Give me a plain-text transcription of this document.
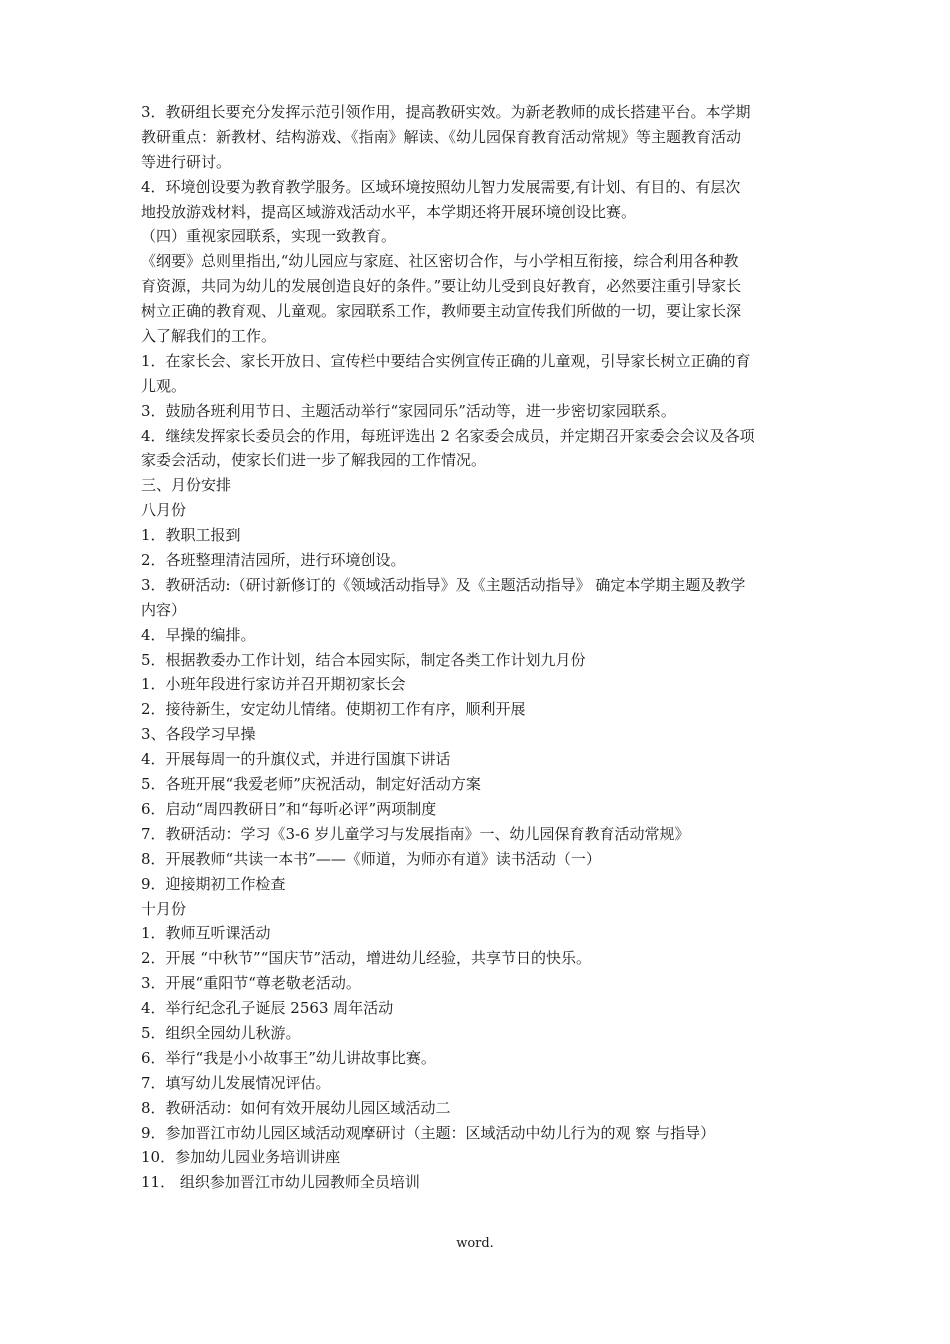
3．教研组长要充分发挥示范引领作用，提高教研实效。为新老教师的成长搭建平台。本学期
教研重点：新教材、结构游戏、《指南》解读、《幼儿园保育教育活动常规》等主题教育活动
等进行研讨。
4．环境创设要为教育教学服务。区域环境按照幼儿智力发展需要,有计划、有目的、有层次
地投放游戏材料，提高区域游戏活动水平，本学期还将开展环境创设比赛。
（四）重视家园联系，实现一致教育。
《纲要》总则里指出,“幼儿园应与家庭、社区密切合作，与小学相互衔接，综合利用各种教
育资源，共同为幼儿的发展创造良好的条件。”要让幼儿受到良好教育，必然要注重引导家长
树立正确的教育观、儿童观。家园联系工作，教师要主动宣传我们所做的一切，要让家长深
入了解我们的工作。
1．在家长会、家长开放日、宣传栏中要结合实例宣传正确的儿童观，引导家长树立正确的育
儿观。
3．鼓励各班利用节日、主题活动举行“家园同乐”活动等，进一步密切家园联系。
4．继续发挥家长委员会的作用，每班评选出 2 名家委会成员，并定期召开家委会会议及各项
家委会活动，使家长们进一步了解我园的工作情况。
三、月份安排
八月份
1．教职工报到
2．各班整理清洁园所，进行环境创设。
3．教研活动:（研讨新修订的《领域活动指导》及《主题活动指导》 确定本学期主题及教学
内容）
4．早操的编排。
5．根据教委办工作计划，结合本园实际，制定各类工作计划九月份
1．小班年段进行家访并召开期初家长会
2．接待新生，安定幼儿情绪。使期初工作有序，顺利开展
3、各段学习早操
4．开展每周一的升旗仪式，并进行国旗下讲话
5．各班开展“我爱老师”庆祝活动，制定好活动方案
6．启动“周四教研日”和“每听必评”两项制度
7．教研活动：学习《3-6 岁儿童学习与发展指南》一、幼儿园保育教育活动常规》
8．开展教师“共读一本书”——《师道，为师亦有道》读书活动（一）
9．迎接期初工作检查
十月份
1．教师互听课活动
2．开展 “中秋节”“国庆节”活动，增进幼儿经验，共享节日的快乐。
3．开展“重阳节“尊老敬老活动。
4．举行纪念孔子诞辰 2563 周年活动
5．组织全园幼儿秋游。
6．举行“我是小小故事王”幼儿讲故事比赛。
7．填写幼儿发展情况评估。
8．教研活动：如何有效开展幼儿园区域活动二
9．参加晋江市幼儿园区域活动观摩研讨（主题：区域活动中幼儿行为的观 察 与指导）
10．参加幼儿园业务培训讲座
11． 组织参加晋江市幼儿园教师全员培训
word.
